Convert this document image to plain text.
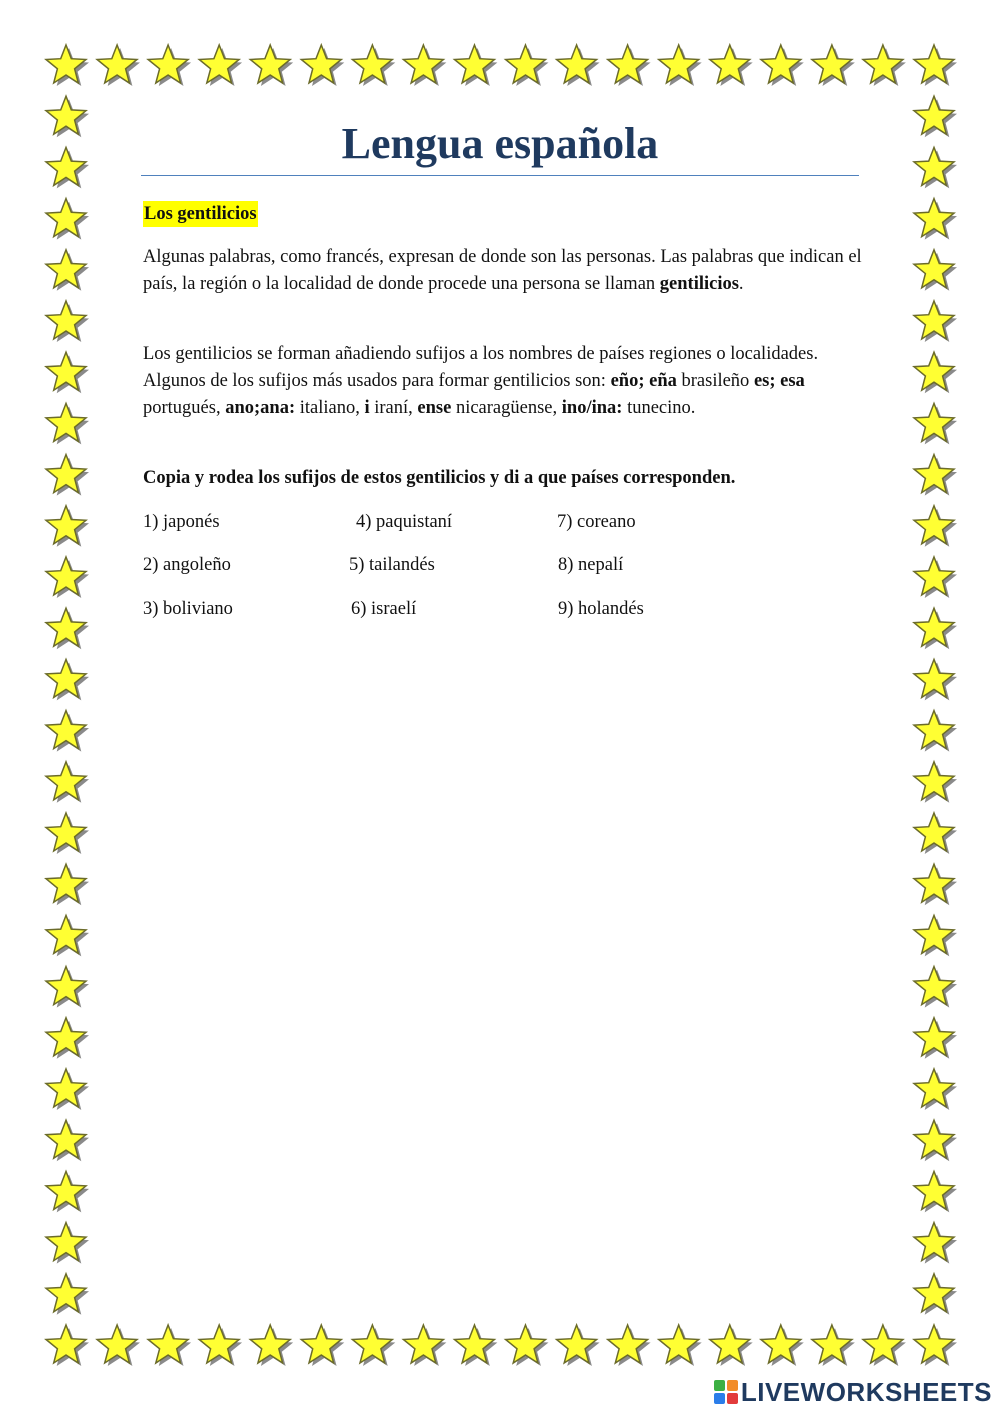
Lengua española
Los gentilicios
Algunas palabras, como francés, expresan de donde son las personas. Las palabras que indican el país, la región o la localidad de donde procede una persona se llaman gentilicios.
Los gentilicios se forman añadiendo sufijos a los nombres de países regiones o localidades. Algunos de los sufijos más usados para formar gentilicios son: eño; eña brasileño es; esa portugués, ano;ana: italiano, i iraní, ense nicaragüense, ino/ina: tunecino.
Copia y rodea los sufijos de estos gentilicios y di a que países corresponden.
1) japonés	4) paquistaní	7) coreano
2) angoleño	5) tailandés	8) nepalí
3) boliviano	6) israelí	9) holandés
LIVEWORKSHEETS
